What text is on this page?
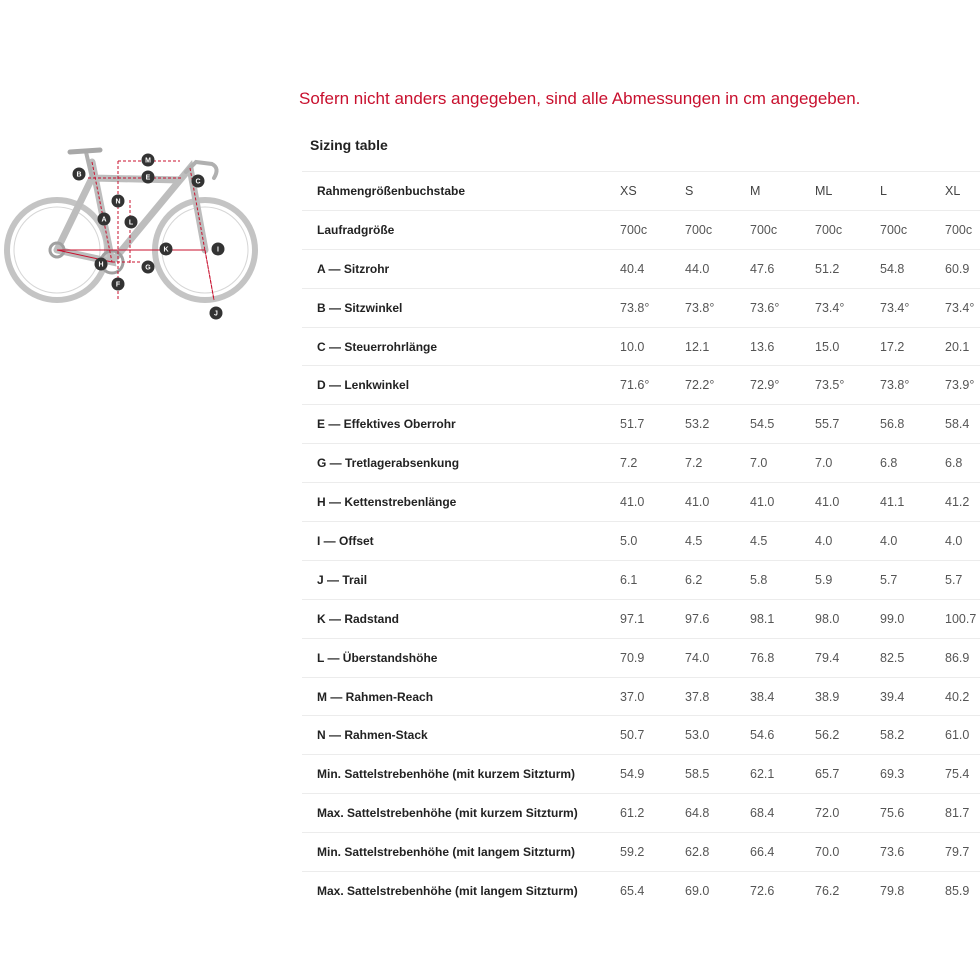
M
B	E
C
N
A	L
K	I
H	G
F
J
Sofern nicht anders angegeben, sind alle Abmessungen in cm angegeben.
Sizing table
Rahmengrößenbuchstabe	XS	S	M	ML	L	XL
Laufradgröße	700c	700c	700c	700c	700c	700c
A — Sitzrohr	40.4	44.0	47.6	51.2	54.8	60.9
B — Sitzwinkel	73.8°	73.8°	73.6°	73.4°	73.4°	73.4°
C — Steuerrohrlänge	10.0	12.1	13.6	15.0	17.2	20.1
D — Lenkwinkel	71.6°	72.2°	72.9°	73.5°	73.8°	73.9°
E — Effektives Oberrohr	51.7	53.2	54.5	55.7	56.8	58.4
G — Tretlagerabsenkung	7.2	7.2	7.0	7.0	6.8	6.8
H — Kettenstrebenlänge	41.0	41.0	41.0	41.0	41.1	41.2
I — Offset	5.0	4.5	4.5	4.0	4.0	4.0
J — Trail	6.1	6.2	5.8	5.9	5.7	5.7
K — Radstand	97.1	97.6	98.1	98.0	99.0	100.7
L — Überstandshöhe	70.9	74.0	76.8	79.4	82.5	86.9
M — Rahmen-Reach	37.0	37.8	38.4	38.9	39.4	40.2
N — Rahmen-Stack	50.7	53.0	54.6	56.2	58.2	61.0
Min. Sattelstrebenhöhe (mit kurzem Sitzturm)	54.9	58.5	62.1	65.7	69.3	75.4
Max. Sattelstrebenhöhe (mit kurzem Sitzturm)	61.2	64.8	68.4	72.0	75.6	81.7
Min. Sattelstrebenhöhe (mit langem Sitzturm)	59.2	62.8	66.4	70.0	73.6	79.7
Max. Sattelstrebenhöhe (mit langem Sitzturm)	65.4	69.0	72.6	76.2	79.8	85.9
